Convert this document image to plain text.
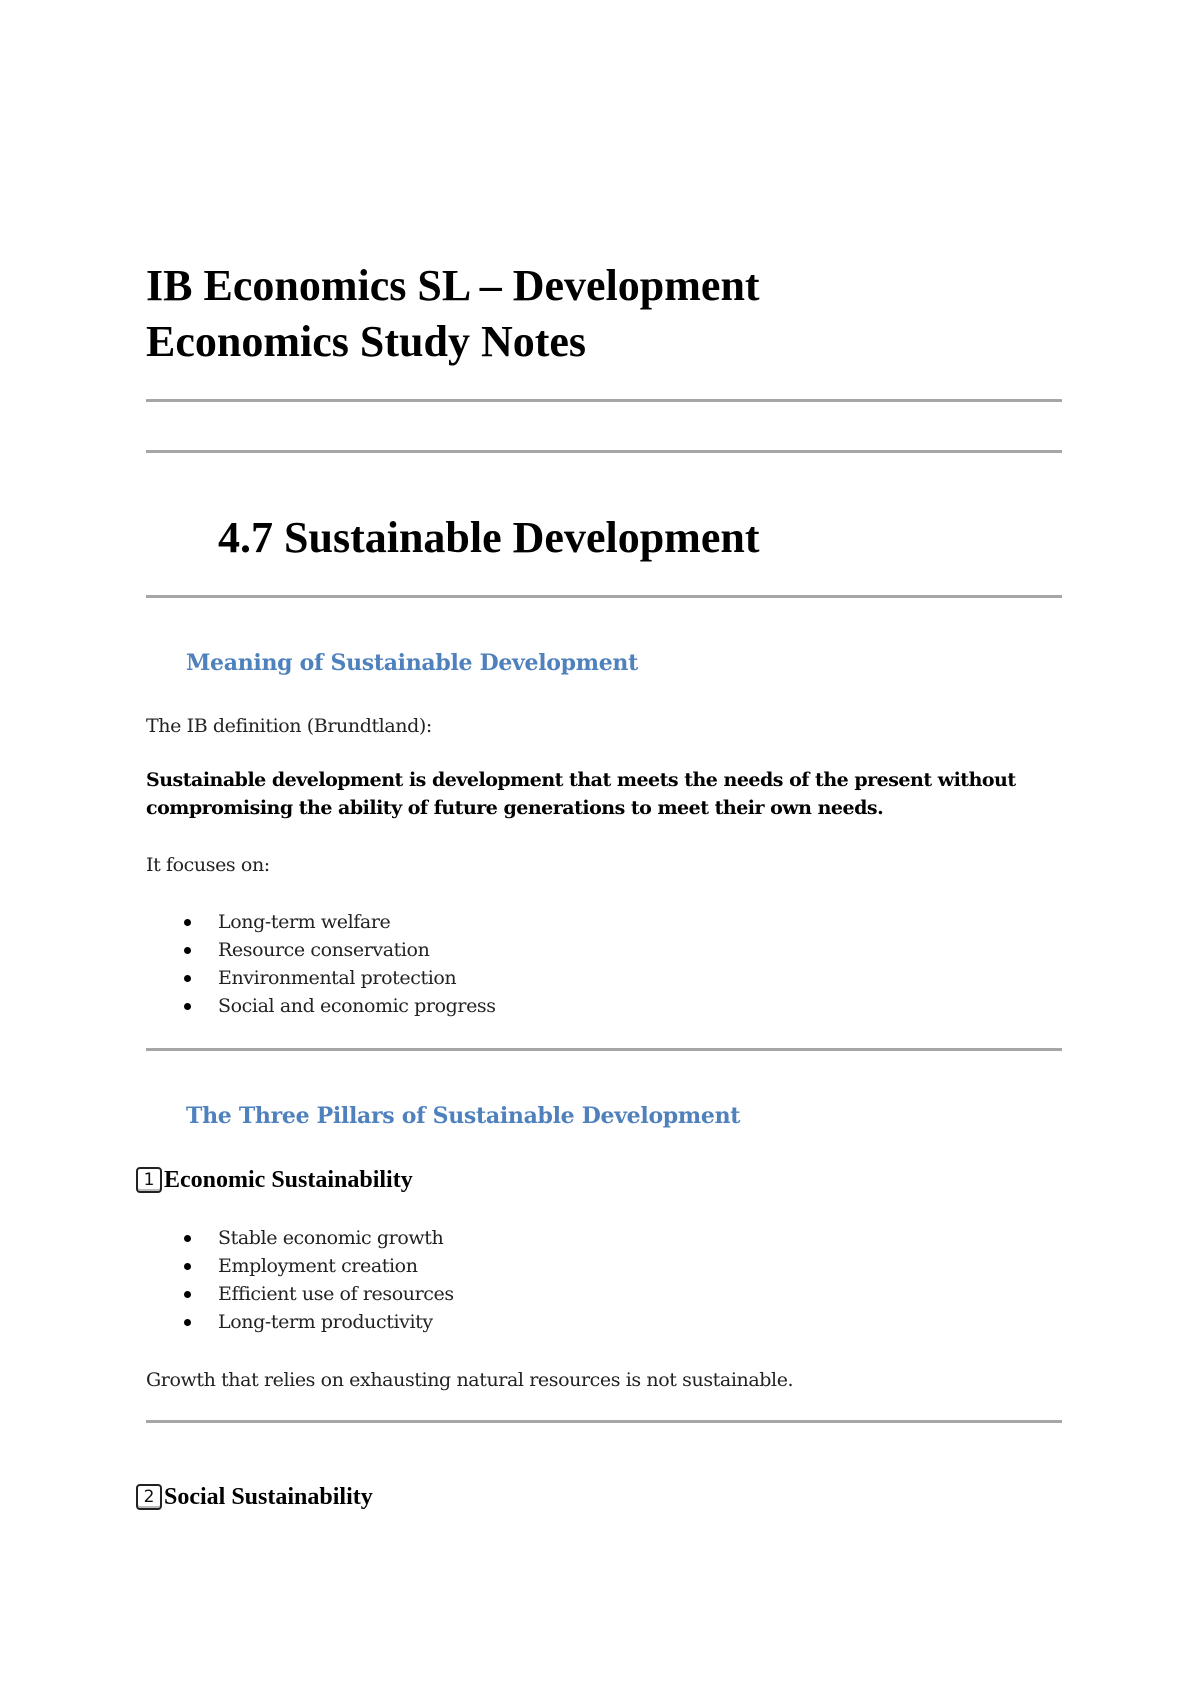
IB Economics SL – Development
Economics Study Notes
4.7 Sustainable Development
Meaning of Sustainable Development
The IB definition (Brundtland):
Sustainable development is development that meets the needs of the present without
compromising the ability of future generations to meet their own needs.
It focuses on:
Long-term welfare
Resource conservation
Environmental protection
Social and economic progress
The Three Pillars of Sustainable Development
1 Economic Sustainability
Stable economic growth
Employment creation
Efficient use of resources
Long-term productivity
Growth that relies on exhausting natural resources is not sustainable.
2 Social Sustainability
